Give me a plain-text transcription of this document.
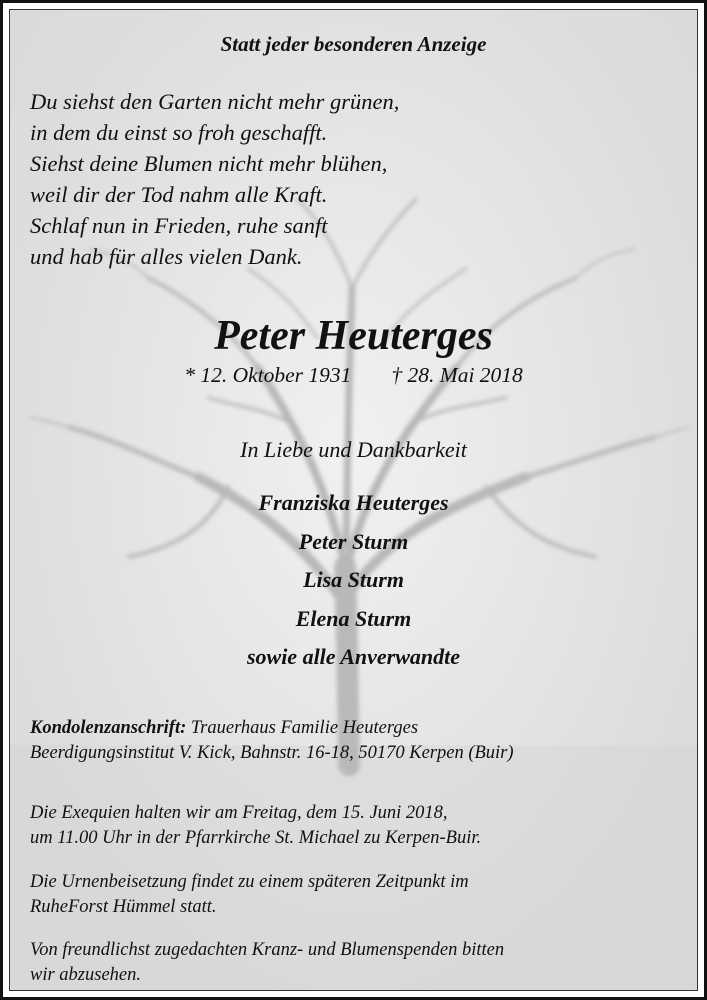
Statt jeder besonderen Anzeige
Du siehst den Garten nicht mehr grünen,
in dem du einst so froh geschafft.
Siehst deine Blumen nicht mehr blühen,
weil dir der Tod nahm alle Kraft.
Schlaf nun in Frieden, ruhe sanft
und hab für alles vielen Dank.
Peter Heuterges
* 12. Oktober 1931 † 28. Mai 2018
In Liebe und Dankbarkeit
Franziska Heuterges
Peter Sturm
Lisa Sturm
Elena Sturm
sowie alle Anverwandte
Kondolenzanschrift: Trauerhaus Familie Heuterges
Beerdigungsinstitut V. Kick, Bahnstr. 16-18, 50170 Kerpen (Buir)
Die Exequien halten wir am Freitag, dem 15. Juni 2018,
um 11.00 Uhr in der Pfarrkirche St. Michael zu Kerpen-Buir.
Die Urnenbeisetzung findet zu einem späteren Zeitpunkt im
RuheForst Hümmel statt.
Von freundlichst zugedachten Kranz- und Blumenspenden bitten
wir abzusehen.
